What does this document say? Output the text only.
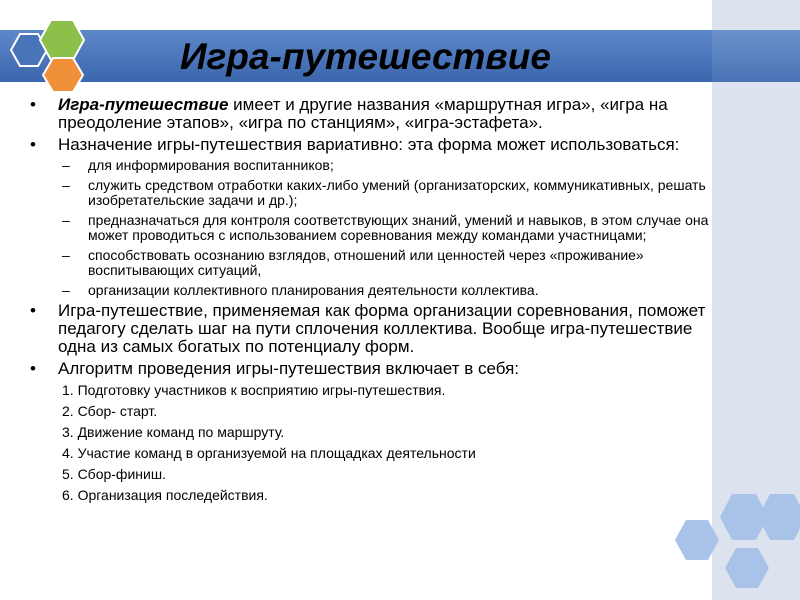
Игра-путешествие
• Игра-путешествие имеет и другие названия «маршрутная игра», «игра на преодоление этапов», «игра по станциям», «игра-эстафета».
• Назначение игры-путешествия вариативно: эта форма может использоваться:
– для информирования воспитанников;
– служить средством отработки каких-либо умений (организаторских, коммуникативных, решать изобретательские задачи и др.);
– предназначаться для контроля соответствующих знаний, умений и навыков, в этом случае она может проводиться с использованием соревнования между командами участницами;
– способствовать осознанию взглядов, отношений или ценностей через «проживание» воспитывающих ситуаций,
– организации коллективного планирования деятельности коллектива.
• Игра-путешествие, применяемая как форма организации соревнования, поможет педагогу сделать шаг на пути сплочения коллектива. Вообще игра-путешествие одна из самых богатых по потенциалу форм.
• Алгоритм проведения игры-путешествия включает в себя:
1. Подготовку участников к восприятию игры-путешествия.
2. Сбор- старт.
3. Движение команд по маршруту.
4. Участие команд в организуемой на площадках деятельности
5. Сбор-финиш.
6. Организация последействия.
